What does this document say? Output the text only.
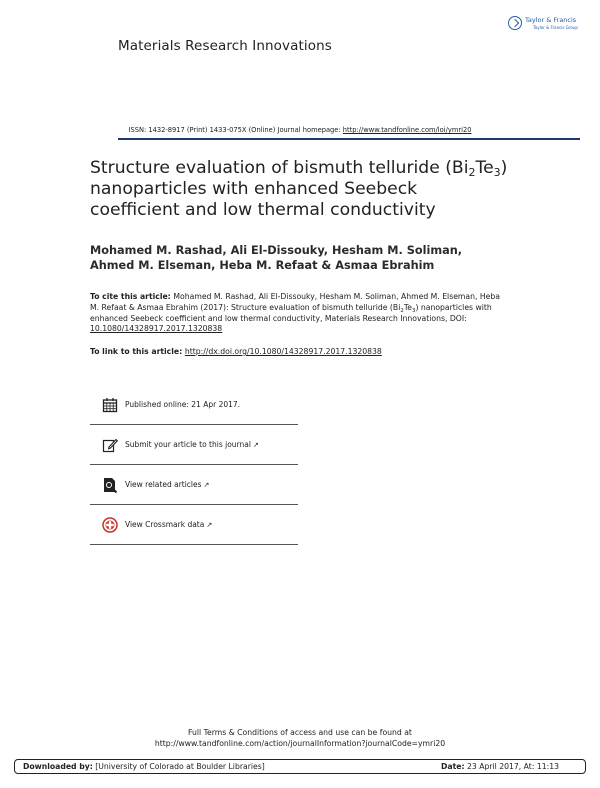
Materials Research Innovations
Taylor & Francis
Taylor & Francis Group
ISSN: 1432-8917 (Print) 1433-075X (Online) Journal homepage: http://www.tandfonline.com/loi/ymri20
Structure evaluation of bismuth telluride $(Bi_2Te_3)$ nanoparticles with enhanced Seebeck coefficient and low thermal conductivity
Mohamed M. Rashad, Ali El-Dissouky, Hesham M. Soliman, Ahmed M. Elseman, Heba M. Refaat & Asmaa Ebrahim
To cite this article: Mohamed M. Rashad, Ali El-Dissouky, Hesham M. Soliman, Ahmed M. Elseman, Heba M. Refaat & Asmaa Ebrahim (2017): Structure evaluation of bismuth telluride $(Bi_2Te_3)$ nanoparticles with enhanced Seebeck coefficient and low thermal conductivity, Materials Research Innovations, DOI: 10.1080/14328917.2017.1320838
To link to this article: http://dx.doi.org/10.1080/14328917.2017.1320838
Published online: 21 Apr 2017.
Submit your article to this journal ↗
View related articles ↗
View Crossmark data ↗
Full Terms & Conditions of access and use can be found at
http://www.tandfonline.com/action/journalInformation?journalCode=ymri20
Downloaded by: [University of Colorado at Boulder Libraries]	Date: 23 April 2017, At: 11:13
